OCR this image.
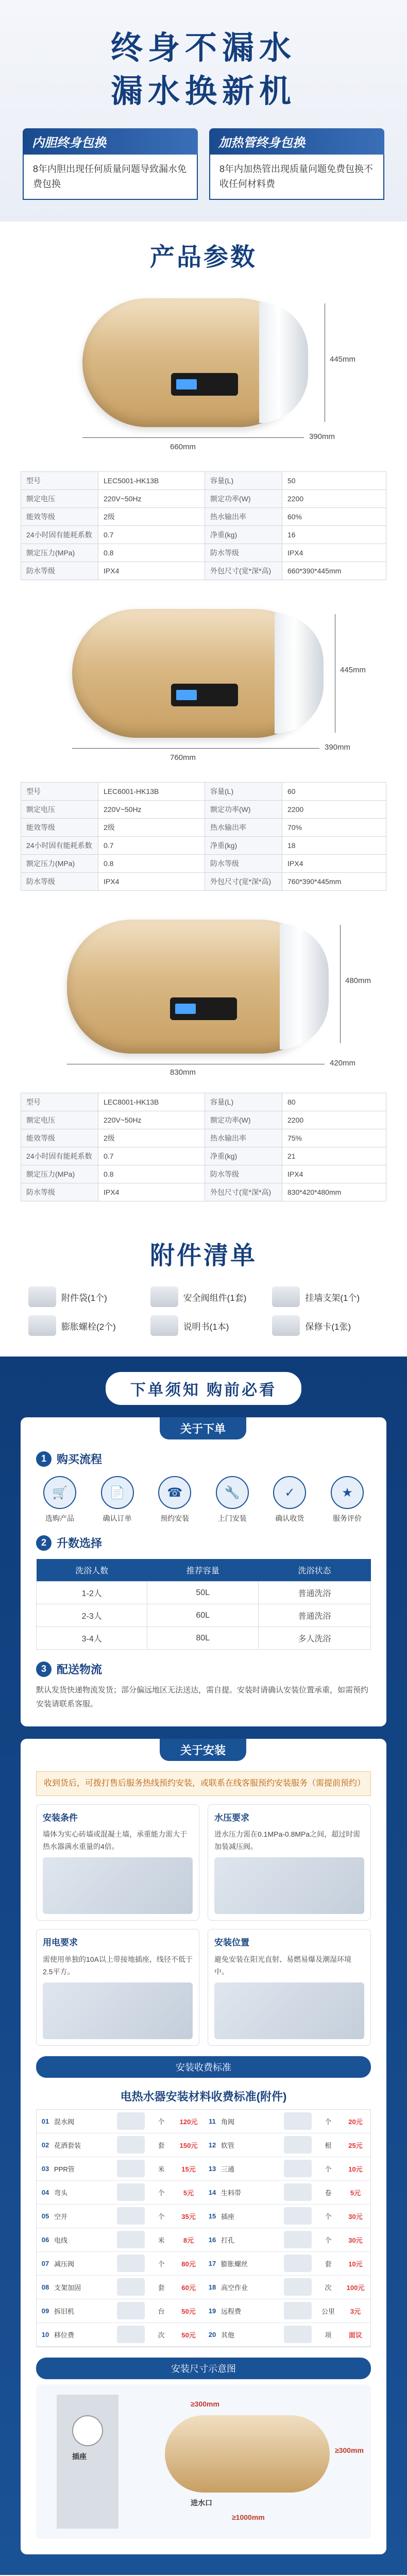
终身不漏水
漏水换新机
内胆终身包换
8年内胆出现任何质量问题导致漏水免费包换
加热管终身包换
8年内加热管出现质量问题免费包换不收任何材料费
产品参数
445mm
660mm
390mm
型号	LEC5001-HK13B	容量(L)	50
额定电压	220V~50Hz	额定功率(W)	2200
能效等级	2级	热水输出率	60%
24小时固有能耗系数	0.7	净重(kg)	16
额定压力(MPa)	0.8	防水等级	IPX4
防水等级	IPX4	外包尺寸(宽*深*高)	660*390*445mm
445mm
760mm
390mm
型号	LEC6001-HK13B	容量(L)	60
额定电压	220V~50Hz	额定功率(W)	2200
能效等级	2级	热水输出率	70%
24小时固有能耗系数	0.7	净重(kg)	18
额定压力(MPa)	0.8	防水等级	IPX4
防水等级	IPX4	外包尺寸(宽*深*高)	760*390*445mm
480mm
830mm
420mm
型号	LEC8001-HK13B	容量(L)	80
额定电压	220V~50Hz	额定功率(W)	2200
能效等级	2级	热水输出率	75%
24小时固有能耗系数	0.7	净重(kg)	21
额定压力(MPa)	0.8	防水等级	IPX4
防水等级	IPX4	外包尺寸(宽*深*高)	830*420*480mm
附件清单
附件袋(1个)	安全阀组件(1套)	挂墙支架(1个)
膨胀螺栓(2个)	说明书(1本)	保修卡(1张)
下单须知 购前必看
关于下单
1 购买流程
🛒
选购产品
📄
确认订单
☎
预约安装
🔧
上门安装
✓
确认收货
★
服务评价
2 升数选择
洗浴人数	推荐容量	洗浴状态
1-2人	50L	普通洗浴
2-3人	60L	普通洗浴
3-4人	80L	多人洗浴
3 配送物流
默认发货快递物流发货；部分偏远地区无法送达，需自提。安装时请确认安装位置承重，如需预约安装请联系客服。
关于安装
收到货后，可拨打售后服务热线预约安装，或联系在线客服预约安装服务（需提前预约）
安装条件
墙体为实心砖墙或混凝土墙，承重能力需大于热水器满水重量的4倍。
水压要求
进水压力需在0.1MPa-0.8MPa之间，超过时需加装减压阀。
用电要求
需使用单独的10A以上带接地插座，线径不低于2.5平方。
安装位置
避免安装在阳光直射、易燃易爆及潮湿环境中。
安装收费标准
电热水器安装材料收费标准(附件)
01 混水阀	个	120元	11 角阀	个	20元
02 花洒套装	套	150元	12 软管	根	25元
03 PPR管	米	15元	13 三通	个	10元
04 弯头	个	5元	14 生料带	卷	5元
05 空开	个	35元	15 插座	个	30元
06 电线	米	8元	16 打孔	个	30元
07 减压阀	个	80元	17 膨胀螺丝	套	10元
08 支架加固	套	60元	18 高空作业	次	100元
09 拆旧机	台	50元	19 远程费	公里	3元
10 移位费	次	50元	20 其他	项	面议
安装尺寸示意图
≥300mm
≥300mm
≥1000mm
插座
进水口
